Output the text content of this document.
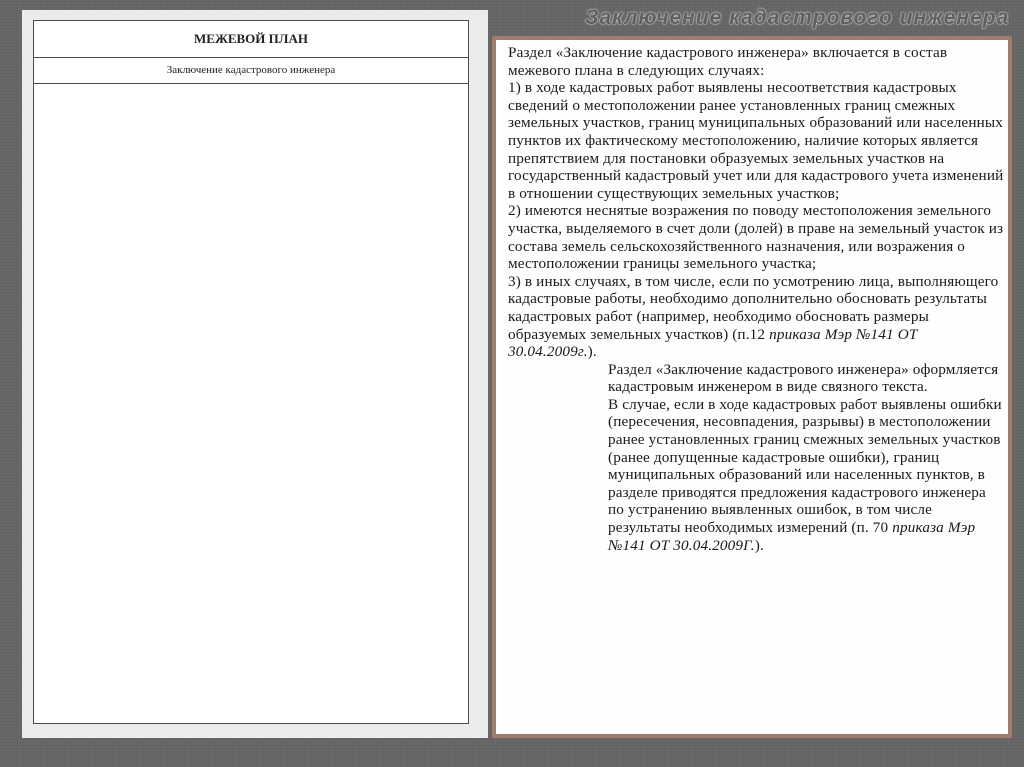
Заключение кадастрового инженера
МЕЖЕВОЙ ПЛАН
Заключение кадастрового инженера

Раздел «Заключение кадастрового инженера» включается в состав межевого плана в следующих случаях:

1) в ходе кадастровых работ выявлены несоответствия кадастровых сведений о местоположении ранее установленных границ смежных земельных участков, границ муниципальных образований или населенных пунктов их фактическому местоположению, наличие которых является препятствием для постановки образуемых земельных участков на государственный кадастровый учет или для кадастрового учета изменений в отношении существующих земельных участков;

2) имеются неснятые возражения по поводу местоположения земельного участка, выделяемого в счет доли (долей) в праве на земельный участок из состава земель сельскохозяйственного назначения, или возражения о местоположении границы земельного участка;

3) в иных случаях, в том числе, если по усмотрению лица, выполняющего кадастровые работы, необходимо дополнительно обосновать результаты кадастровых работ (например, необходимо обосновать размеры образуемых земельных участков) (п.12 приказа Мэр №141 ОТ 30.04.2009г.).

Раздел «Заключение кадастрового инженера» оформляется кадастровым инженером в виде связного текста.

В случае, если в ходе кадастровых работ выявлены ошибки (пересечения, несовпадения, разрывы) в местоположении ранее установленных границ смежных земельных участков (ранее допущенные кадастровые ошибки), границ муниципальных образований или населенных пунктов, в разделе приводятся предложения кадастрового инженера по устранению выявленных ошибок, в том числе результаты необходимых измерений (п. 70 приказа Мэр №141 ОТ 30.04.2009Г.).
